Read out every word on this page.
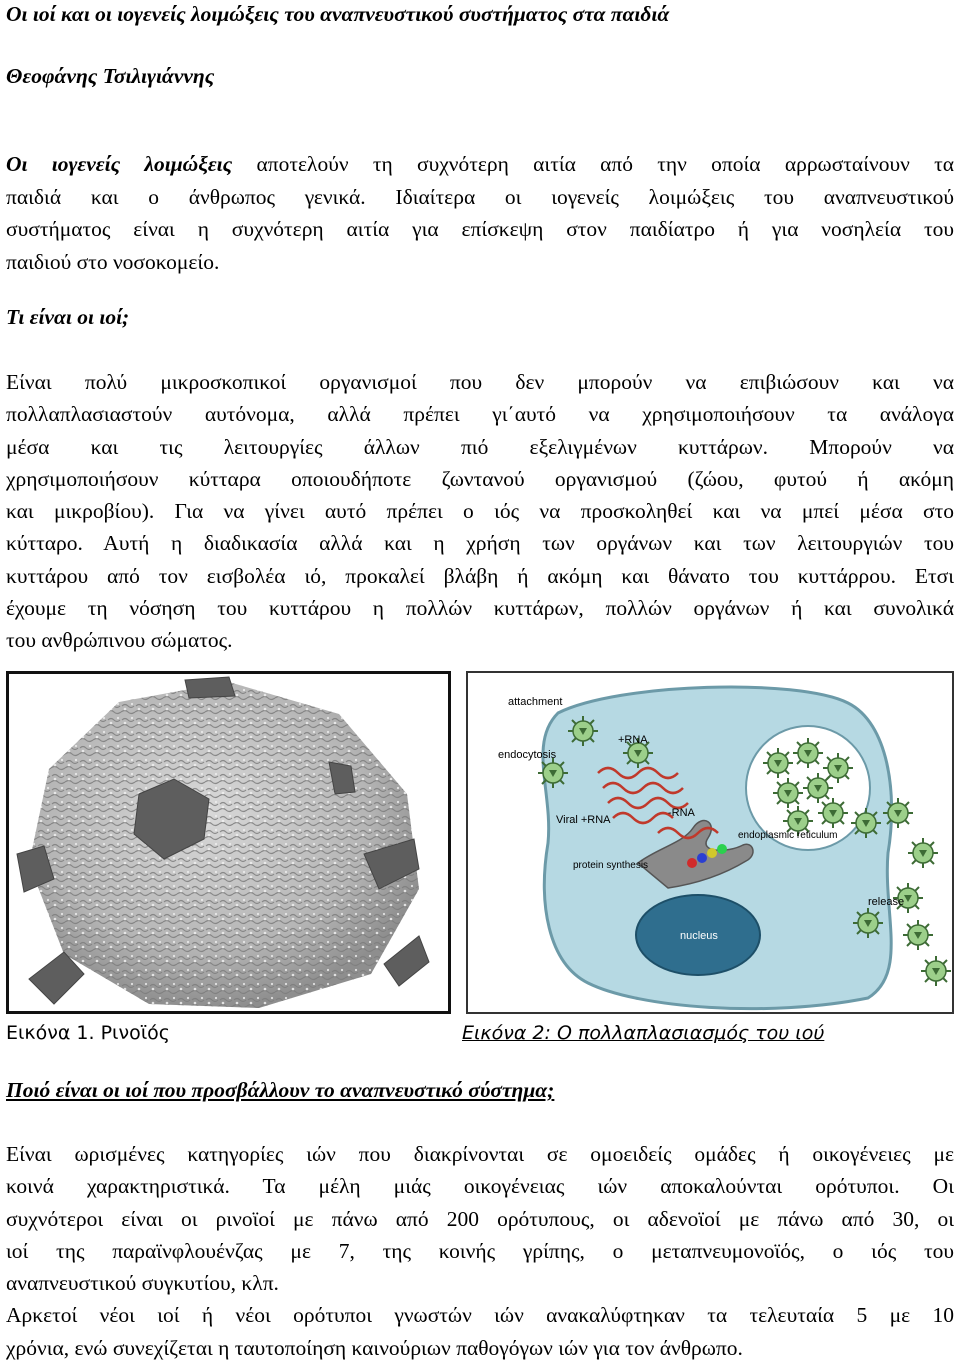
Οι ιοί και οι ιογενείς λοιμώξεις του αναπνευστικού συστήματος στα παιδιά
Θεοφάνης Τσιλιγιάννης
Οι ιογενείς λοιμώξεις αποτελούν τη συχνότερη αιτία από την οποία αρρωσταίνουν τα
παιδιά και ο άνθρωπος γενικά. Ιδιαίτερα οι ιογενείς λοιμώξεις του αναπνευστικού
συστήματος είναι η συχνότερη αιτία για επίσκεψη στον παιδίατρο ή για νοσηλεία του
παιδιού στο νοσοκομείο.
Τι είναι οι ιοί;
Είναι πολύ μικροσκοπικοί οργανισμοί που δεν μπορούν να επιβιώσουν και να
πολλαπλασιαστούν αυτόνομα, αλλά πρέπει γι΄αυτό να χρησιμοποιήσουν τα ανάλογα
μέσα και τις λειτουργίες άλλων πιό εξελιγμένων κυττάρων. Μπορούν να
χρησιμοποιήσουν κύτταρα οποιουδήποτε ζωντανού οργανισμού (ζώου, φυτού ή ακόμη
και μικροβίου). Για να γίνει αυτό πρέπει ο ιός να προσκοληθεί και να μπεί μέσα στο
κύτταρο. Αυτή η διαδικασία αλλά και η χρήση των οργάνων και των λειτουργιών του
κυττάρου από τον εισβολέα ιό, προκαλεί βλάβη ή ακόμη και θάνατο του κυττάρρου. Ετσι
έχουμε τη νόσηση του κυττάρου η πολλών κυττάρων, πολλών οργάνων ή και συνολικά
του ανθρώπινου σώματος.
attachment
+RNA
endocytosis
Viral +RNA
-RNA
endoplasmic reticulum
protein synthesis
nucleus
release
Εικόνα 1. Ρινοϊός	Εικόνα 2: Ο πολλαπλασιασμός του ιού
Ποιό είναι οι ιοί που προσβάλλουν το αναπνευστικό σύστημα;
Είναι ωρισμένες κατηγορίες ιών που διακρίνονται σε ομοειδείς ομάδες ή οικογένειες με
κοινά χαρακτηριστικά. Τα μέλη μιάς οικογένειας ιών αποκαλούνται ορότυποι. Οι
συχνότεροι είναι οι ρινοϊοί με πάνω από 200 ορότυπους, οι αδενοϊοί με πάνω από 30, οι
ιοί της παραϊνφλουένζας με 7, της κοινής γρίπης, ο μεταπνευμονοϊός, ο ιός του
αναπνευστικού συγκυτίου, κλπ.
Αρκετοί νέοι ιοί ή νέοι ορότυποι γνωστών ιών ανακαλύφτηκαν τα τελευταία 5 με 10
χρόνια, ενώ συνεχίζεται η ταυτοποίηση καινούριων παθογόγων ιών για τον άνθρωπο.
